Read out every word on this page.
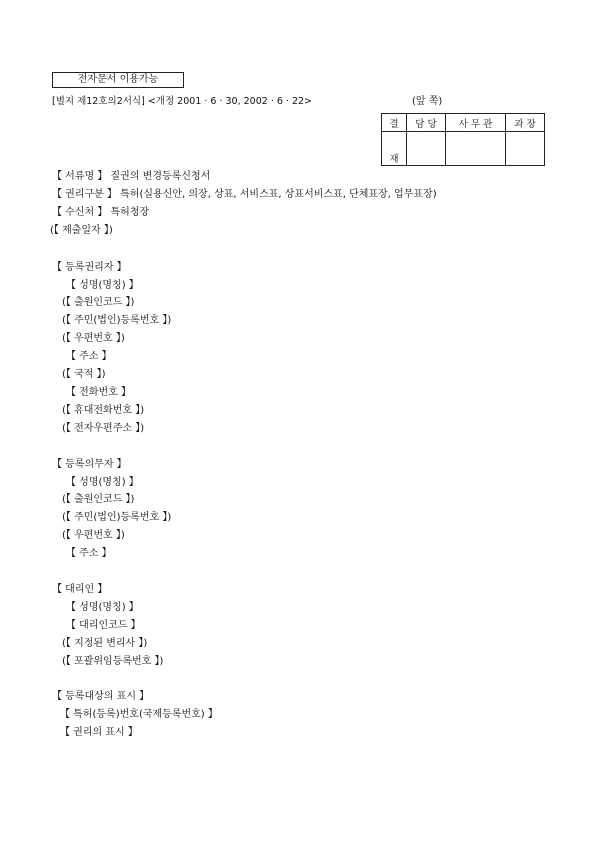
전자문서 이용가능
[별지 제12호의2서식] <개정 2001 · 6 · 30, 2002 · 6 · 22>	(앞 쪽)
결	담 당	사 무 관	과 장
재			
【 서류명 】 질권의 변경등록신청서
【 권리구분 】 특허(실용신안, 의장, 상표, 서비스표, 상표서비스표, 단체표장, 업무표장)
【 수신처 】 특허청장
(【 제출일자 】)
【 등록권리자 】
【 성명(명칭) 】
(【 출원인코드 】)
(【 주민(법인)등록번호 】)
(【 우편번호 】)
【 주소 】
(【 국적 】)
【 전화번호 】
(【 휴대전화번호 】)
(【 전자우편주소 】)
【 등록의무자 】
【 성명(명칭) 】
(【 출원인코드 】)
(【 주민(법인)등록번호 】)
(【 우편번호 】)
【 주소 】
【 대리인 】
【 성명(명칭) 】
【 대리인코드 】
(【 지정된 변리사 】)
(【 포괄위임등록번호 】)
【 등록대상의 표시 】
【 특허(등록)번호(국제등록번호) 】
【 권리의 표시 】
